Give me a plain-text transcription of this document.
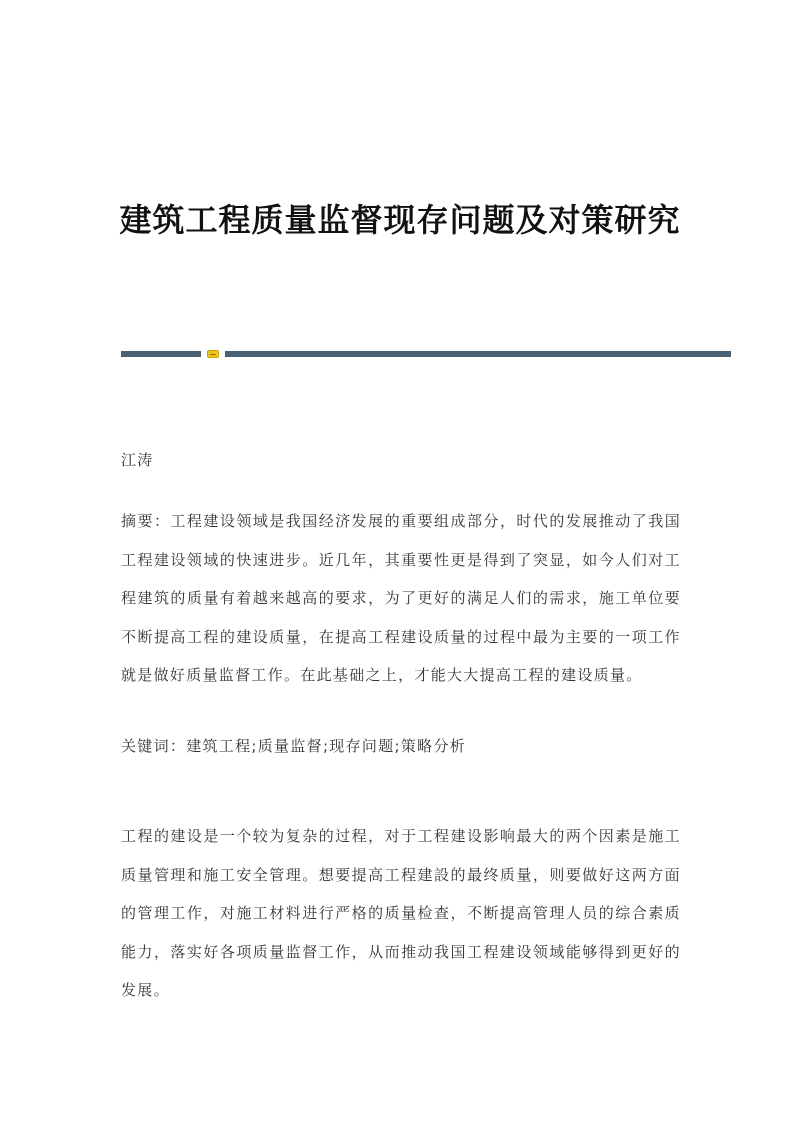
建筑工程质量监督现存问题及对策研究

江涛

摘要：工程建设领域是我国经济发展的重要组成部分，时代的发展推动了我国工程建设领域的快速进步。近几年，其重要性更是得到了突显，如今人们对工程建筑的质量有着越来越高的要求，为了更好的满足人们的需求，施工单位要不断提高工程的建设质量，在提高工程建设质量的过程中最为主要的一项工作就是做好质量监督工作。在此基础之上，才能大大提高工程的建设质量。

关键词：建筑工程;质量监督;现存问题;策略分析

工程的建设是一个较为复杂的过程，对于工程建设影响最大的两个因素是施工质量管理和施工安全管理。想要提高工程建設的最终质量，则要做好这两方面的管理工作，对施工材料进行严格的质量检查，不断提高管理人员的综合素质能力，落实好各项质量监督工作，从而推动我国工程建设领域能够得到更好的发展。
